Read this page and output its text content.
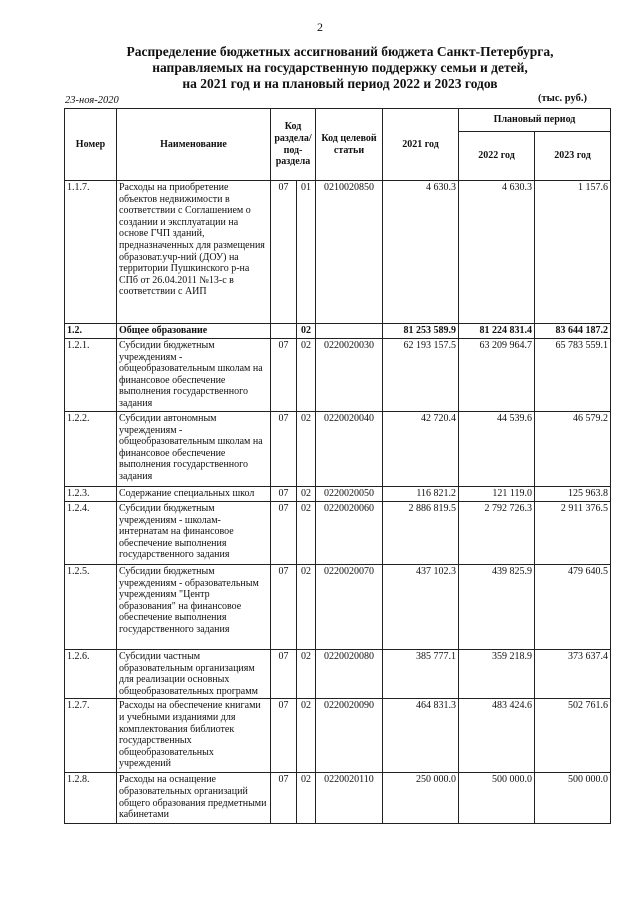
2
Распределение бюджетных ассигнований бюджета Санкт-Петербурга,
направляемых на государственную поддержку семьи и детей,
на 2021 год и на плановый период 2022 и 2023 годов
23-ноя-2020	(тыс. руб.)
Номер	Наименование	Код раздела/ под-раздела		Код целевой статьи	2021 год	Плановый период	
						2022 год	2023 год
1.1.7.	Расходы на приобретение объектов недвижимости в соответствии с Соглашением о создании и эксплуатации на основе ГЧП зданий, предназначенных для размещения образоват.учр-ний (ДОУ) на территории Пушкинского р-на СПб от 26.04.2011 №13-с в соответствии с АИП	07	01	0210020850	4 630.3	4 630.3	1 157.6
1.2.	Общее образование		02		81 253 589.9	81 224 831.4	83 644 187.2
1.2.1.	Субсидии бюджетным учреждениям - общеобразовательным школам на финансовое обеспечение выполнения государственного задания	07	02	0220020030	62 193 157.5	63 209 964.7	65 783 559.1
1.2.2.	Субсидии автономным учреждениям - общеобразовательным школам на финансовое обеспечение выполнения государственного задания	07	02	0220020040	42 720.4	44 539.6	46 579.2
1.2.3.	Содержание специальных школ	07	02	0220020050	116 821.2	121 119.0	125 963.8
1.2.4.	Субсидии бюджетным учреждениям - школам-интернатам на финансовое обеспечение выполнения государственного задания	07	02	0220020060	2 886 819.5	2 792 726.3	2 911 376.5
1.2.5.	Субсидии бюджетным учреждениям - образовательным учреждениям "Центр образования" на финансовое обеспечение выполнения государственного задания	07	02	0220020070	437 102.3	439 825.9	479 640.5
1.2.6.	Субсидии частным образовательным организациям для реализации основных общеобразовательных программ	07	02	0220020080	385 777.1	359 218.9	373 637.4
1.2.7.	Расходы на обеспечение книгами и учебными изданиями для комплектования библиотек государственных общеобразовательных учреждений	07	02	0220020090	464 831.3	483 424.6	502 761.6
1.2.8.	Расходы на оснащение образовательных организаций общего образования предметными кабинетами	07	02	0220020110	250 000.0	500 000.0	500 000.0
